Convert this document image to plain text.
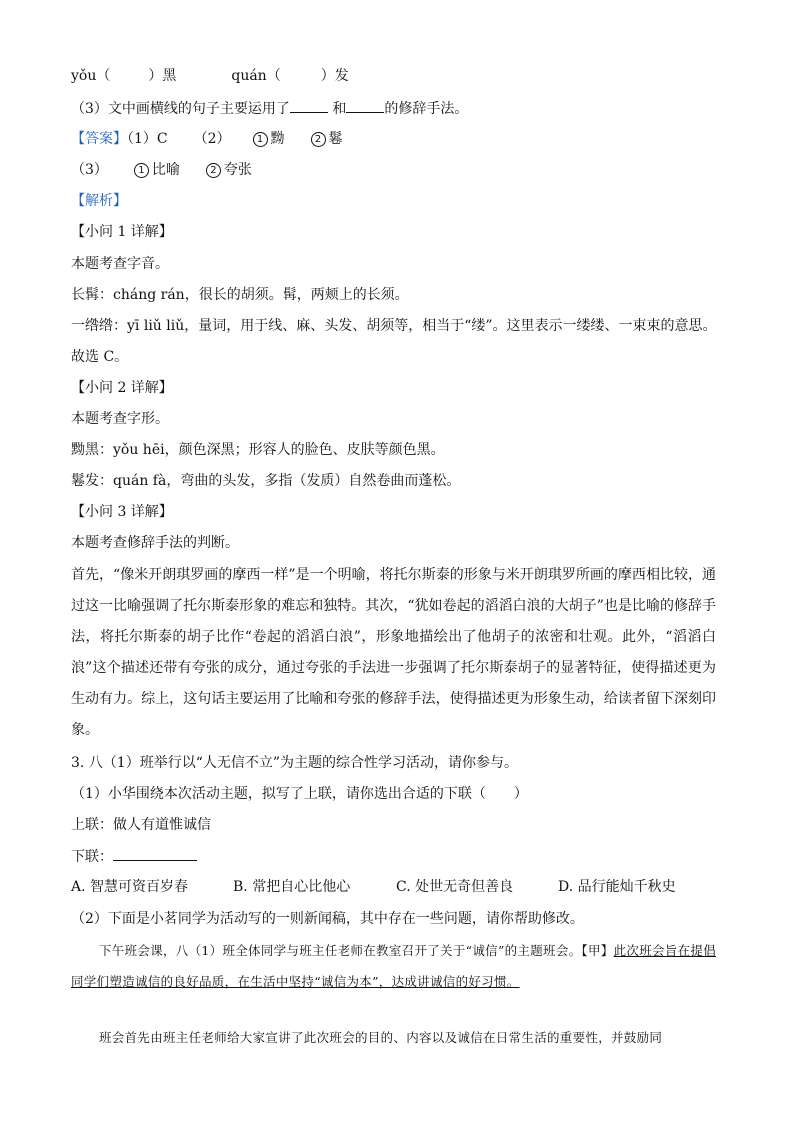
yǒu（	）黑	quán（	）发
（3）文中画横线的句子主要运用了	和	的修辞手法。
【答案】（1）C （2）	1 黝	2 鬈
（3）	1 比喻	2 夸张
【解析】
【小问 1 详解】
本题考查字音。
长髯：cháng rán，很长的胡须。髯，两颊上的长须。
一绺绺：yī liǔ liǔ，量词，用于线、麻、头发、胡须等，相当于“缕”。这里表示一缕缕、一束束的意思。
故选 C。
【小问 2 详解】
本题考查字形。
黝黑：yǒu hēi，颜色深黑；形容人的脸色、皮肤等颜色黑。
鬈发：quán fà，弯曲的头发，多指（发质）自然卷曲而蓬松。
【小问 3 详解】
本题考查修辞手法的判断。
首先，“像米开朗琪罗画的摩西一样”是一个明喻，将托尔斯泰的形象与米开朗琪罗所画的摩西相比较，通过这一比喻强调了托尔斯泰形象的难忘和独特。其次，“犹如卷起的滔滔白浪的大胡子”也是比喻的修辞手法，将托尔斯泰的胡子比作“卷起的滔滔白浪”，形象地描绘出了他胡子的浓密和壮观。此外，“滔滔白浪”这个描述还带有夸张的成分，通过夸张的手法进一步强调了托尔斯泰胡子的显著特征，使得描述更为生动有力。综上，这句话主要运用了比喻和夸张的修辞手法，使得描述更为形象生动，给读者留下深刻印象。
3. 八（1）班举行以“人无信不立”为主题的综合性学习活动，请你参与。
（1）小华围绕本次活动主题，拟写了上联，请你选出合适的下联（　　）
上联：做人有道惟诚信
下联：
A. 智慧可资百岁春	B. 常把自心比他心	C. 处世无奇但善良	D. 品行能灿千秋史
（2）下面是小茗同学为活动写的一则新闻稿，其中存在一些问题，请你帮助修改。
下午班会课，八（1）班全体同学与班主任老师在教室召开了关于“诚信”的主题班会。【甲】此次班会旨在提倡同学们塑造诚信的良好品质，在生活中坚持“诚信为本”，达成讲诚信的好习惯。
班会首先由班主任老师给大家宣讲了此次班会的目的、内容以及诚信在日常生活的重要性，并鼓励同
